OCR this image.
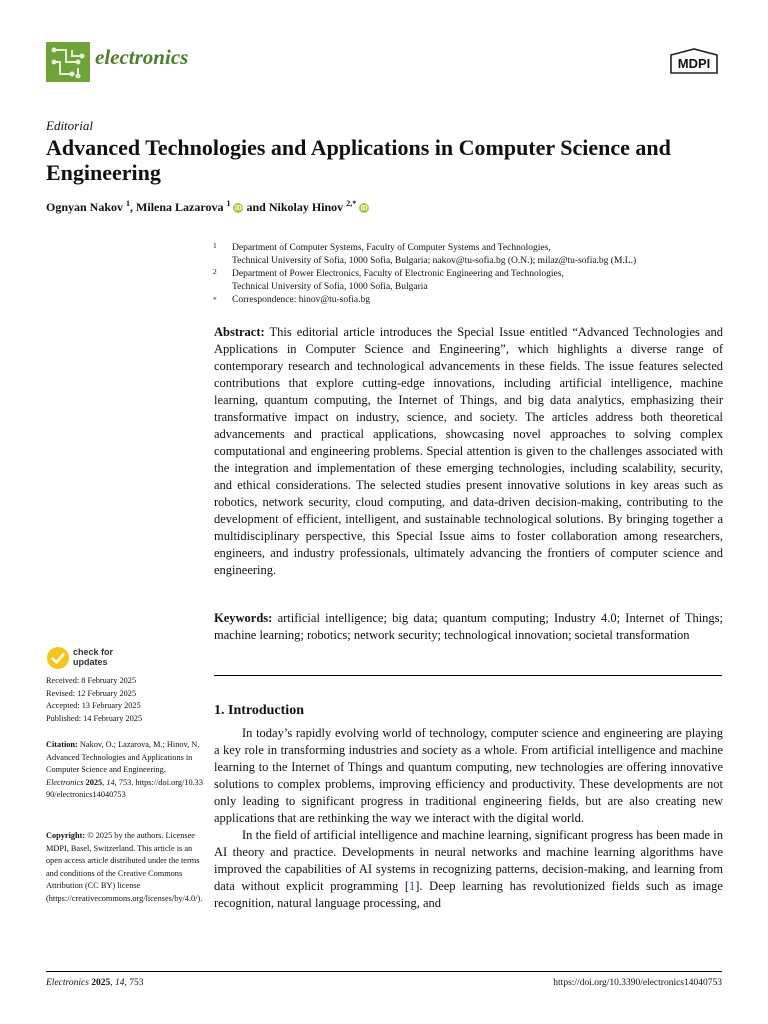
electronics	MDPI
Editorial
Advanced Technologies and Applications in Computer Science and Engineering
Ognyan Nakov $^1$, Milena Lazarova $^1$ iD and Nikolay Hinov $^{2,*}$ iD
1 Department of Computer Systems, Faculty of Computer Systems and Technologies,
Technical University of Sofia, 1000 Sofia, Bulgaria; nakov@tu-sofia.bg (O.N.); milaz@tu-sofia.bg (M.L.)
2 Department of Power Electronics, Faculty of Electronic Engineering and Technologies,
Technical University of Sofia, 1000 Sofia, Bulgaria
* Correspondence: hinov@tu-sofia.bg
Abstract: This editorial article introduces the Special Issue entitled “Advanced Technologies and Applications in Computer Science and Engineering”, which highlights a diverse range of contemporary research and technological advancements in these fields. The issue features selected contributions that explore cutting-edge innovations, including artificial intelligence, machine learning, quantum computing, the Internet of Things, and big data analytics, emphasizing their transformative impact on industry, science, and society. The articles address both theoretical advancements and practical applications, showcasing novel approaches to solving complex computational and engineering problems. Special attention is given to the challenges associated with the integration and implementation of these emerging technologies, including scalability, security, and ethical considerations. The selected studies present innovative solutions in key areas such as robotics, network security, cloud computing, and data-driven decision-making, contributing to the development of efficient, intelligent, and sustainable technological solutions. By bringing together a multidisciplinary perspective, this Special Issue aims to foster collaboration among researchers, engineers, and industry professionals, ultimately advancing the frontiers of computer science and engineering.
Keywords: artificial intelligence; big data; quantum computing; Industry 4.0; Internet of Things; machine learning; robotics; network security; technological innovation; societal transformation
1. Introduction

In today’s rapidly evolving world of technology, computer science and engineering are playing a key role in transforming industries and society as a whole. From artificial intelligence and machine learning to the Internet of Things and quantum computing, new technologies are offering innovative solutions to complex problems, improving efficiency and productivity. These developments are not only leading to significant progress in traditional engineering fields, but are also creating new applications that are rethinking the way we interact with the digital world.

In the field of artificial intelligence and machine learning, significant progress has been made in AI theory and practice. Developments in neural networks and machine learning algorithms have improved the capabilities of AI systems in recognizing patterns, decision-making, and learning from data without explicit programming [1]. Deep learning has revolutionized fields such as image recognition, natural language processing, and

check for
updates
Received: 8 February 2025
Revised: 12 February 2025
Accepted: 13 February 2025
Published: 14 February 2025
Citation: Nakov, O.; Lazarova, M.; Hinov, N. Advanced Technologies and Applications in Computer Science and Engineering. Electronics 2025, 14, 753. https://doi.org/10.3390/electronics14040753
Copyright: © 2025 by the authors. Licensee MDPI, Basel, Switzerland. This article is an open access article distributed under the terms and conditions of the Creative Commons Attribution (CC BY) license (https://creativecommons.org/licenses/by/4.0/).
Electronics 2025, 14, 753	https://doi.org/10.3390/electronics14040753
